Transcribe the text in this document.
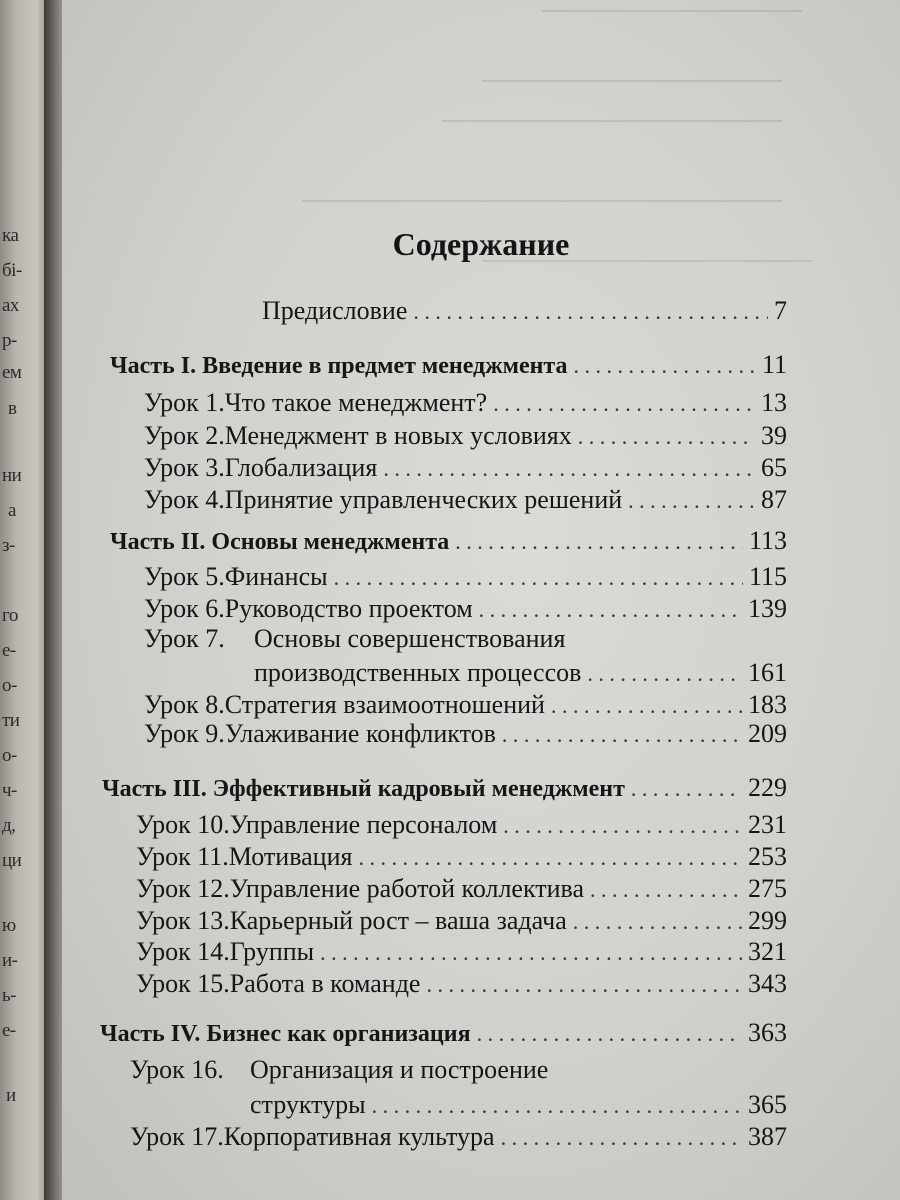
ка
бі-
ах
р-
ем
в
ни
а
з-
го
е-
о-
ти
о-
ч-
д,
ци
ю
и-
ь-
е-
и
Содержание
Предисловие . . .	7
Часть I. Введение в предмет менеджмента . . .	11
Урок 1. Что такое менеджмент? . . .	13
Урок 2. Менеджмент в новых условиях . . .	39
Урок 3. Глобализация . . .	65
Урок 4. Принятие управленческих решений . . .	87
Часть II. Основы менеджмента . . .	113
Урок 5. Финансы . . .	115
Урок 6. Руководство проектом . . .	139
Урок 7. Основы совершенствования
производственных процессов . . .	161
Урок 8. Стратегия взаимоотношений . . .	183
Урок 9. Улаживание конфликтов . . .	209
Часть III. Эффективный кадровый менеджмент . . .	229
Урок 10. Управление персоналом . . .	231
Урок 11. Мотивация . . .	253
Урок 12. Управление работой коллектива . . .	275
Урок 13. Карьерный рост – ваша задача . . .	299
Урок 14. Группы . . .	321
Урок 15. Работа в команде . . .	343
Часть IV. Бизнес как организация . . .	363
Урок 16. Организация и построение
структуры . . .	365
Урок 17. Корпоративная культура . . .	387
